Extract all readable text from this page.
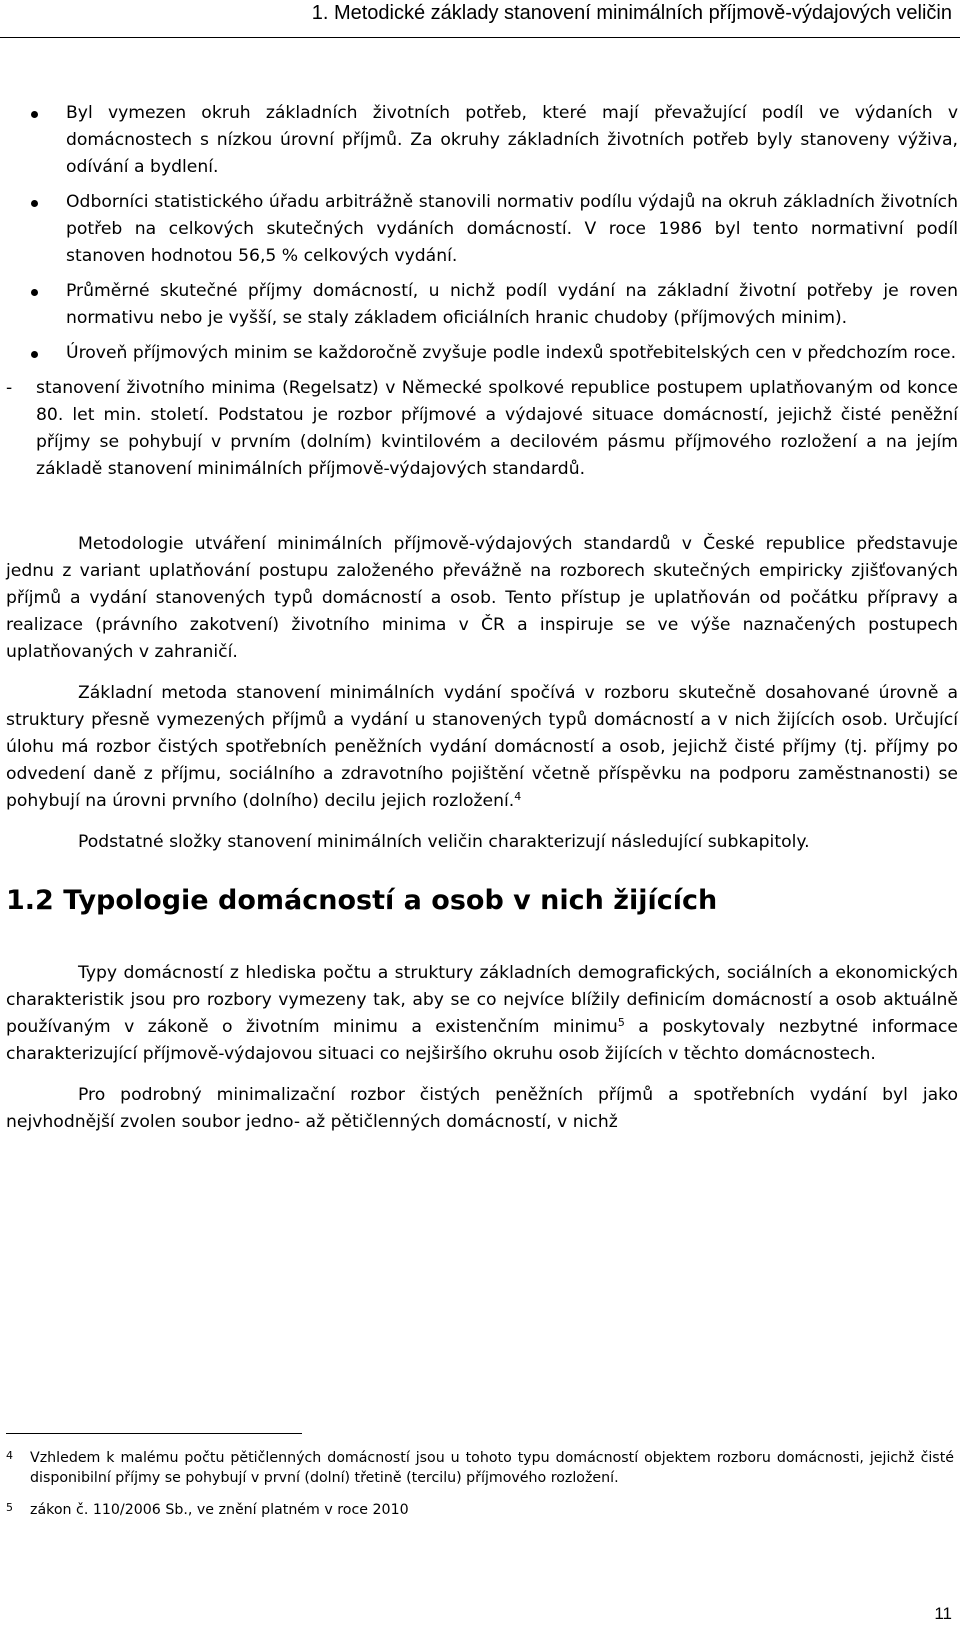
1. Metodické základy stanovení minimálních příjmově-výdajových veličin
Byl vymezen okruh základních životních potřeb, které mají převažující podíl ve výdaních v domácnostech s nízkou úrovní příjmů. Za okruhy základních životních potřeb byly stanoveny výživa, odívání a bydlení.
Odborníci statistického úřadu arbitrážně stanovili normativ podílu výdajů na okruh základních životních potřeb na celkových skutečných vydáních domácností. V roce 1986 byl tento normativní podíl stanoven hodnotou 56,5 % celkových vydání.
Průměrné skutečné příjmy domácností, u nichž podíl vydání na základní životní potřeby je roven normativu nebo je vyšší, se staly základem oficiálních hranic chudoby (příjmových minim).
Úroveň příjmových minim se každoročně zvyšuje podle indexů spotřebitelských cen v předchozím roce.
- stanovení životního minima (Regelsatz) v Německé spolkové republice postupem uplatňovaným od konce 80. let min. století. Podstatou je rozbor příjmové a výdajové situace domácností, jejichž čisté peněžní příjmy se pohybují v prvním (dolním) kvintilovém a decilovém pásmu příjmového rozložení a na jejím základě stanovení minimálních příjmově-výdajových standardů.

Metodologie utváření minimálních příjmově-výdajových standardů v České republice představuje jednu z variant uplatňování postupu založeného převážně na rozborech skutečných empiricky zjišťovaných příjmů a vydání stanovených typů domácností a osob. Tento přístup je uplatňován od počátku přípravy a realizace (právního zakotvení) životního minima v ČR a inspiruje se ve výše naznačených postupech uplatňovaných v zahraničí.

Základní metoda stanovení minimálních vydání spočívá v rozboru skutečně dosahované úrovně a struktury přesně vymezených příjmů a vydání u stanovených typů domácností a v nich žijících osob. Určující úlohu má rozbor čistých spotřebních peněžních vydání domácností a osob, jejichž čisté příjmy (tj. příjmy po odvedení daně z příjmu, sociálního a zdravotního pojištění včetně příspěvku na podporu zaměstnanosti) se pohybují na úrovni prvního (dolního) decilu jejich rozložení.$^4$

Podstatné složky stanovení minimálních veličin charakterizují následující subkapitoly.

1.2 Typologie domácností a osob v nich žijících

Typy domácností z hlediska počtu a struktury základních demografických, sociálních a ekonomických charakteristik jsou pro rozbory vymezeny tak, aby se co nejvíce blížily definicím domácností a osob aktuálně používaným v zákoně o životním minimu a existenčním minimu$^5$ a poskytovaly nezbytné informace charakterizující příjmově-výdajovou situaci co nejširšího okruhu osob žijících v těchto domácnostech.

Pro podrobný minimalizační rozbor čistých peněžních příjmů a spotřebních vydání byl jako nejvhodnější zvolen soubor jedno- až pětičlenných domácností, v nichž

4 Vzhledem k malému počtu pětičlenných domácností jsou u tohoto typu domácností objektem rozboru domácnosti, jejichž čisté disponibilní příjmy se pohybují v první (dolní) třetině (tercilu) příjmového rozložení.
5 zákon č. 110/2006 Sb., ve znění platném v roce 2010
11
